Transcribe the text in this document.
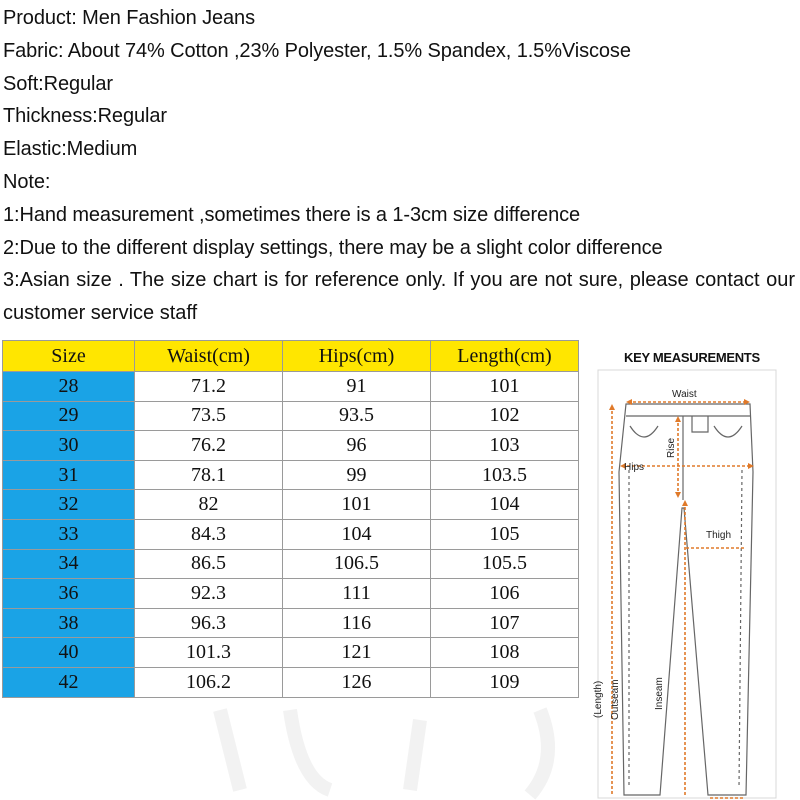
Product: Men Fashion Jeans
Fabric: About 74% Cotton ,23% Polyester, 1.5% Spandex, 1.5%Viscose
Soft:Regular
Thickness:Regular
Elastic:Medium
Note:
1:Hand measurement ,sometimes there is a 1-3cm size difference
2:Due to the different display settings, there may be a slight color difference
3:Asian size . The size chart is for reference only. If you are not sure, please contact our customer service staff
Size	Waist(cm)	Hips(cm)	Length(cm)
28	71.2	91	101
29	73.5	93.5	102
30	76.2	96	103
31	78.1	99	103.5
32	82	101	104
33	84.3	104	105
34	86.5	106.5	105.5
36	92.3	111	106
38	96.3	116	107
40	101.3	121	108
42	106.2	126	109
KEY MEASUREMENTS
Waist
Rise
Hips
Thigh
(Length) Outseam	Inseam
